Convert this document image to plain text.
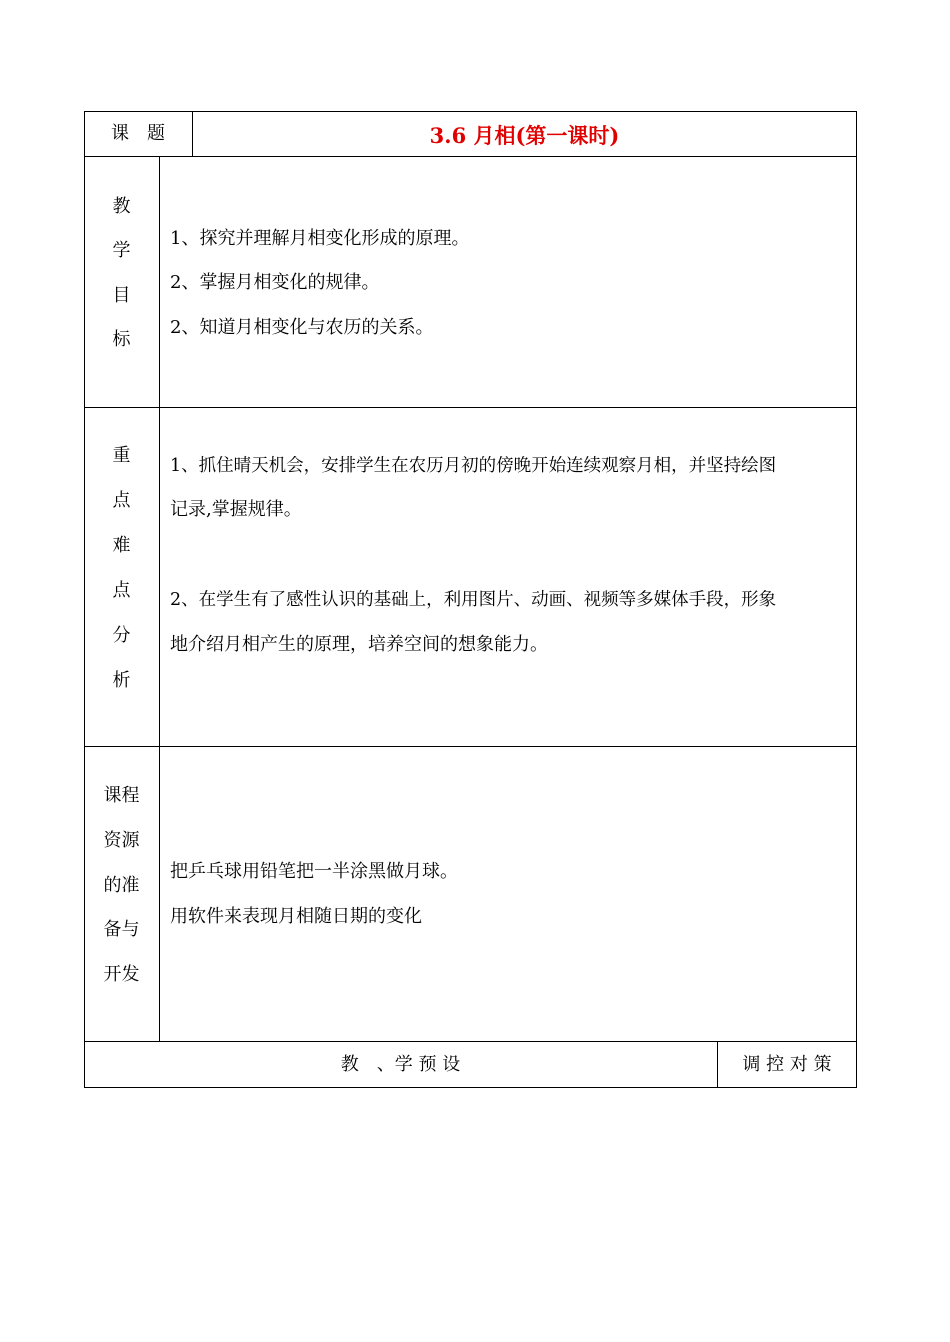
课　题	3.6 月相(第一课时)
教
学
目
标
1、探究并理解月相变化形成的原理。
2、掌握月相变化的规律。
2、知道月相变化与农历的关系。
重
点
难
点
分
析
1、抓住晴天机会，安排学生在农历月初的傍晚开始连续观察月相，并坚持绘图
记录,掌握规律。
2、在学生有了感性认识的基础上，利用图片、动画、视频等多媒体手段，形象
地介绍月相产生的原理，培养空间的想象能力。
课程
资源
的准
备与
开发
把乒乓球用铅笔把一半涂黑做月球。
用软件来表现月相随日期的变化
教　、学 预 设	调 控 对 策
